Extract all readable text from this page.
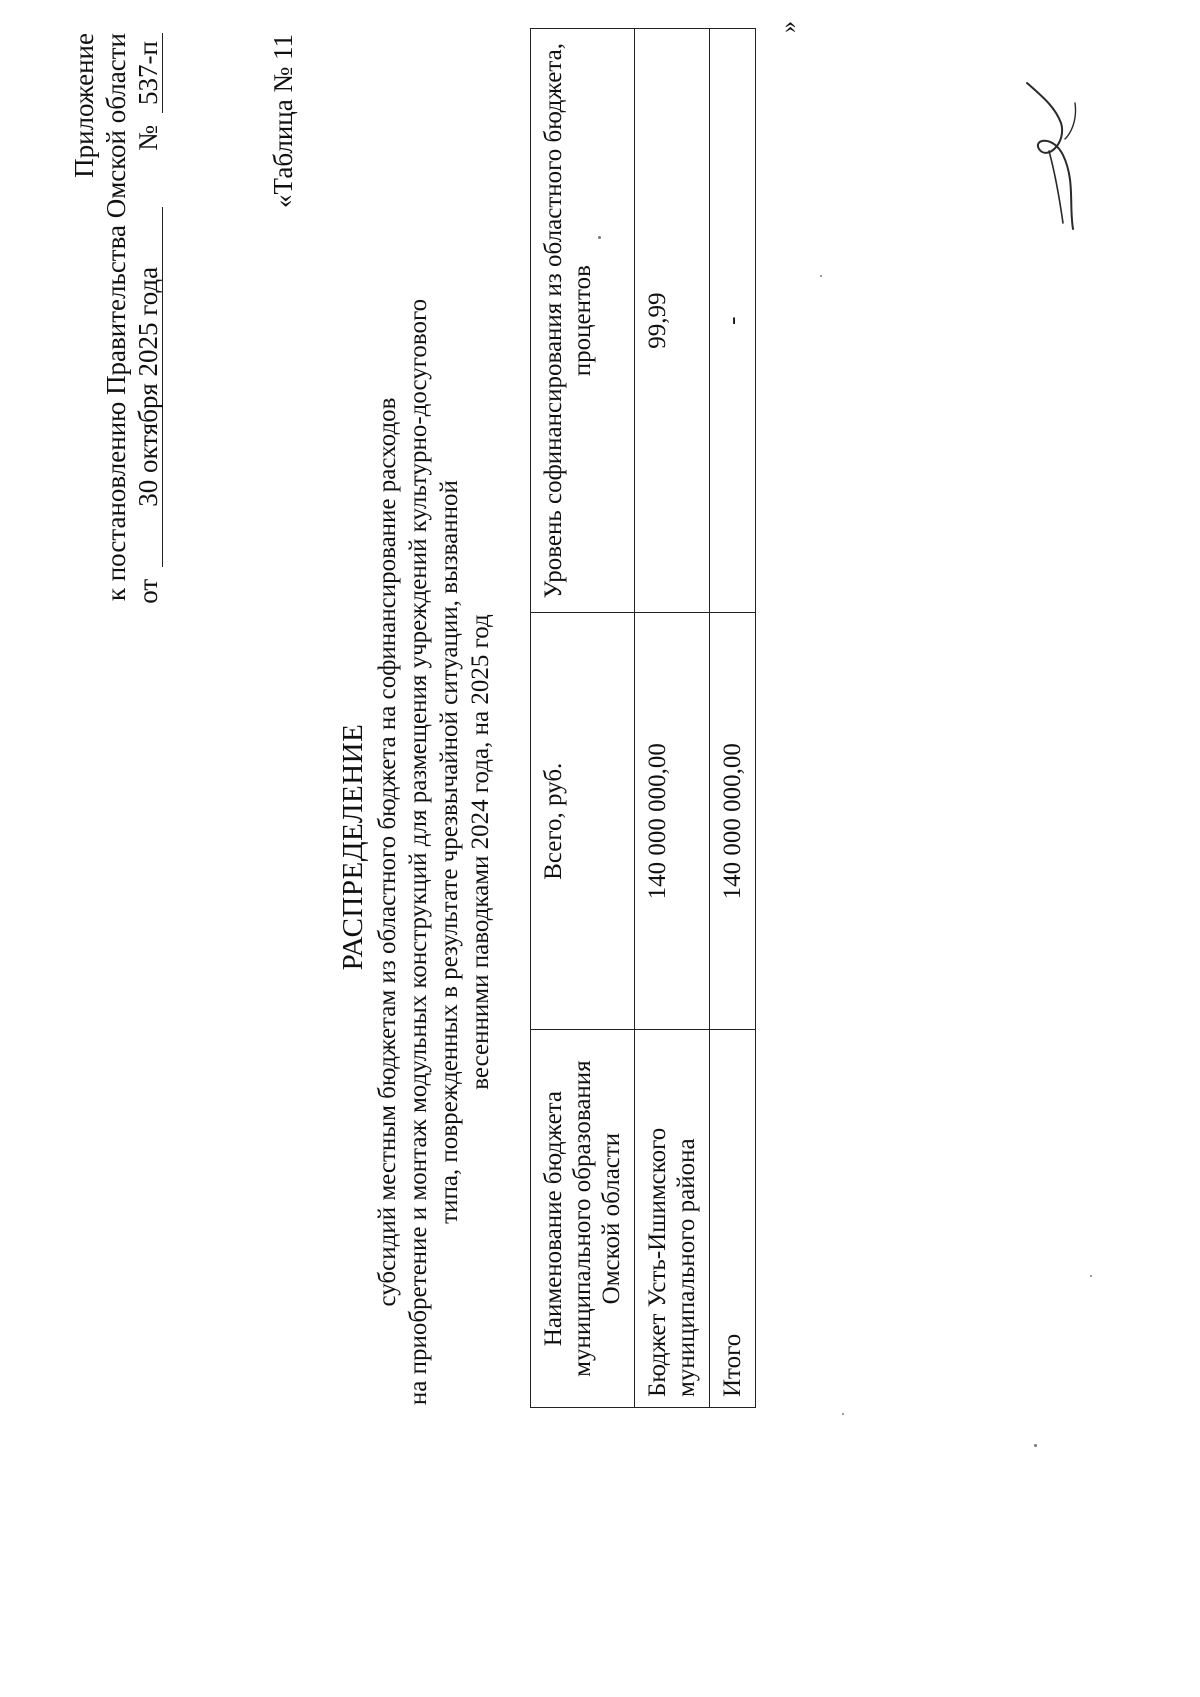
Приложение к постановлению Правительства Омской области от30 октября 2025 года№537-п	«Таблица № 11
РАСПРЕДЕЛЕНИЕ субсидий местным бюджетам из областного бюджета на софинансирование расходов на приобретение и монтаж модульных конструкций для размещения учреждений культурно-досугового типа, поврежденных в результате чрезвычайной ситуации, вызванной весенними паводками 2024 года, на 2025 год
Наименование бюджета муниципального образования Омской области	Всего, руб.	Уровень софинансирования из областного бюджета, процентов
Бюджет Усть-Ишимского муниципального района	140 000 000,00	99,99
Итого	140 000 000,00	-
»
